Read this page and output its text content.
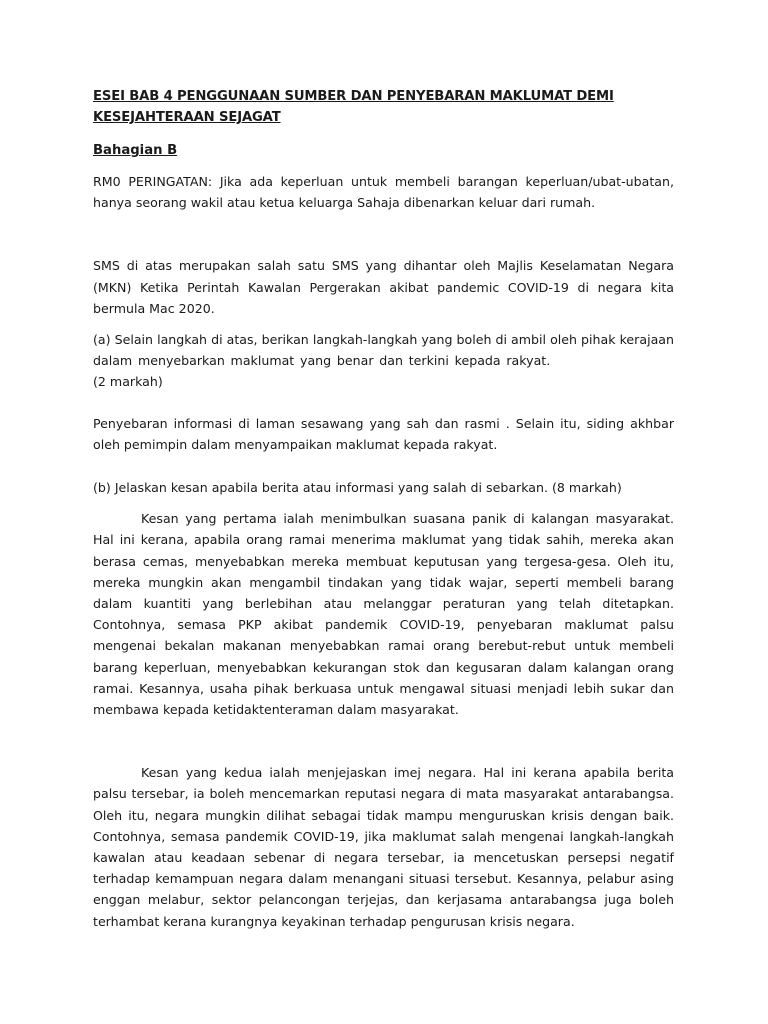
ESEI BAB 4 PENGGUNAAN SUMBER DAN PENYEBARAN MAKLUMAT DEMI KESEJAHTERAAN SEJAGAT
Bahagian B

RM0 PERINGATAN: Jika ada keperluan untuk membeli barangan keperluan/ubat-ubatan, hanya seorang wakil atau ketua keluarga Sahaja dibenarkan keluar dari rumah.

SMS di atas merupakan salah satu SMS yang dihantar oleh Majlis Keselamatan Negara (MKN) Ketika Perintah Kawalan Pergerakan akibat pandemic COVID-19 di negara kita bermula Mac 2020.

(a) Selain langkah di atas, berikan langkah-langkah yang boleh di ambil oleh pihak kerajaan dalam menyebarkan maklumat yang benar dan terkini kepada rakyat.  (2 markah)

Penyebaran informasi di laman sesawang yang sah dan rasmi . Selain itu, siding akhbar oleh pemimpin dalam menyampaikan maklumat kepada rakyat.

(b) Jelaskan kesan apabila berita atau informasi yang salah di sebarkan. (8 markah)

Kesan yang pertama ialah menimbulkan suasana panik di kalangan masyarakat. Hal ini kerana, apabila orang ramai menerima maklumat yang tidak sahih, mereka akan berasa cemas, menyebabkan mereka membuat keputusan yang tergesa-gesa. Oleh itu, mereka mungkin akan mengambil tindakan yang tidak wajar, seperti membeli barang dalam kuantiti yang berlebihan atau melanggar peraturan yang telah ditetapkan. Contohnya, semasa PKP akibat pandemik COVID-19, penyebaran maklumat palsu mengenai bekalan makanan menyebabkan ramai orang berebut-rebut untuk membeli barang keperluan, menyebabkan kekurangan stok dan kegusaran dalam kalangan orang ramai. Kesannya, usaha pihak berkuasa untuk mengawal situasi menjadi lebih sukar dan membawa kepada ketidaktenteraman dalam masyarakat.

Kesan yang kedua ialah menjejaskan imej negara. Hal ini kerana apabila berita palsu tersebar, ia boleh mencemarkan reputasi negara di mata masyarakat antarabangsa. Oleh itu, negara mungkin dilihat sebagai tidak mampu menguruskan krisis dengan baik. Contohnya, semasa pandemik COVID-19, jika maklumat salah mengenai langkah-langkah kawalan atau keadaan sebenar di negara tersebar, ia mencetuskan persepsi negatif terhadap kemampuan negara dalam menangani situasi tersebut. Kesannya, pelabur asing enggan melabur, sektor pelancongan terjejas, dan kerjasama antarabangsa juga boleh terhambat kerana kurangnya keyakinan terhadap pengurusan krisis negara.
